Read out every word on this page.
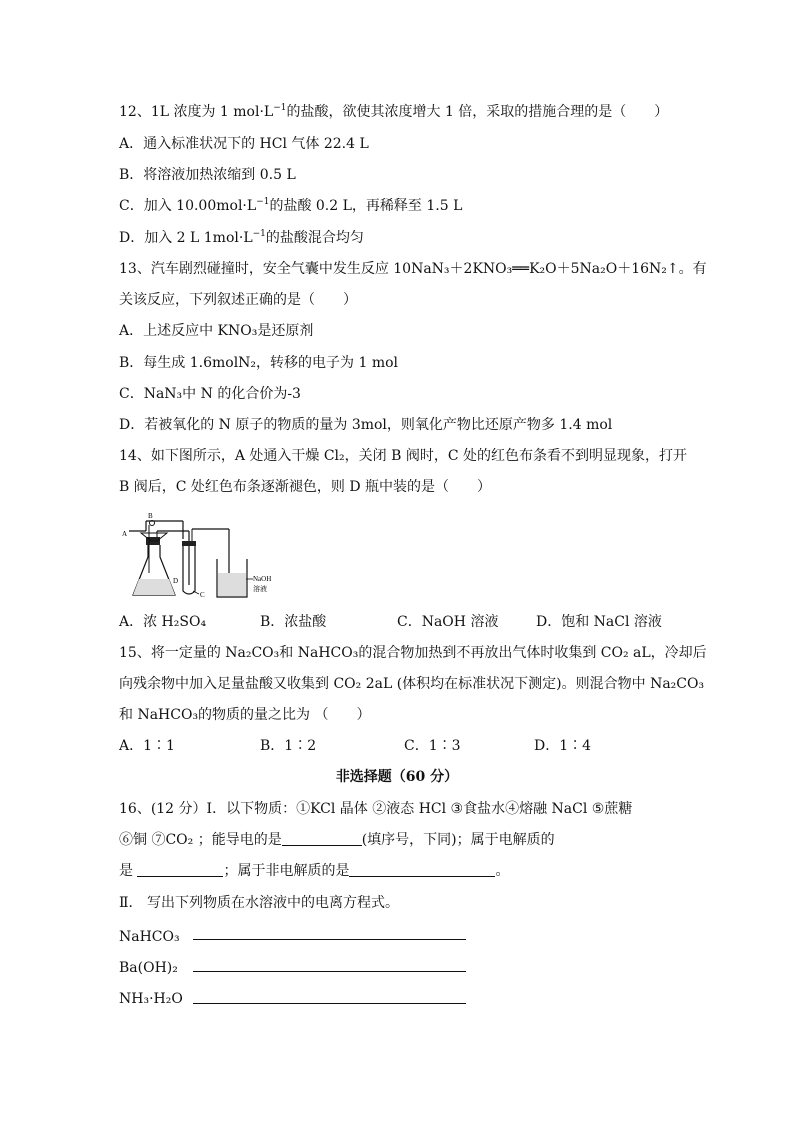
12、1L 浓度为 1 $mol\cdot L^{-1}$的盐酸，欲使其浓度增大 1 倍，采取的措施合理的是（　　）
A．通入标准状况下的 HCl 气体 22.4 L
B．将溶液加热浓缩到 0.5 L
C．加入 $10.00mol\cdot L^{-1}$的盐酸 0.2 L，再稀释至 1.5 L
D．加入 2 L $1mol\cdot L^{-1}$的盐酸混合均匀
13、汽车剧烈碰撞时，安全气囊中发生反应 10NaN₃＋2KNO₃══K₂O＋5Na₂O＋16N₂↑。有
关该反应，下列叙述正确的是（　　）
A．上述反应中 KNO₃是还原剂
B．每生成 1.6molN₂，转移的电子为 1 mol
C．NaN₃中 N 的化合价为-3
D．若被氧化的 N 原子的物质的量为 3mol，则氧化产物比还原产物多 1.4 mol
14、如下图所示，A 处通入干燥 Cl₂，关闭 B 阀时，C 处的红色布条看不到明显现象，打开
B 阀后，C 处红色布条逐渐褪色，则 D 瓶中装的是（　　）
A
B
D
C
NaOH
溶液
A．浓 H₂SO₄	B．浓盐酸	C．NaOH 溶液	D．饱和 NaCl 溶液
15、将一定量的 Na₂CO₃和 NaHCO₃的混合物加热到不再放出气体时收集到 CO₂ aL，冷却后
向残余物中加入足量盐酸又收集到 CO₂ 2aL (体积均在标准状况下测定)。则混合物中 Na₂CO₃
和 NaHCO₃的物质的量之比为 （　　）
A．1∶1	B．1∶2	C．1∶3	D．1∶4
非选择题（60 分）
16、(12 分）Ⅰ．以下物质：①KCl 晶体 ②液态 HCl ③食盐水④熔融 NaCl ⑤蔗糖
⑥铜 ⑦CO₂ ；能导电的是	(填序号，下同)；属于电解质的
是	；属于非电解质的是	。
Ⅱ． 写出下列物质在水溶液中的电离方程式。
NaHCO₃
Ba(OH)₂
NH₃·H₂O
